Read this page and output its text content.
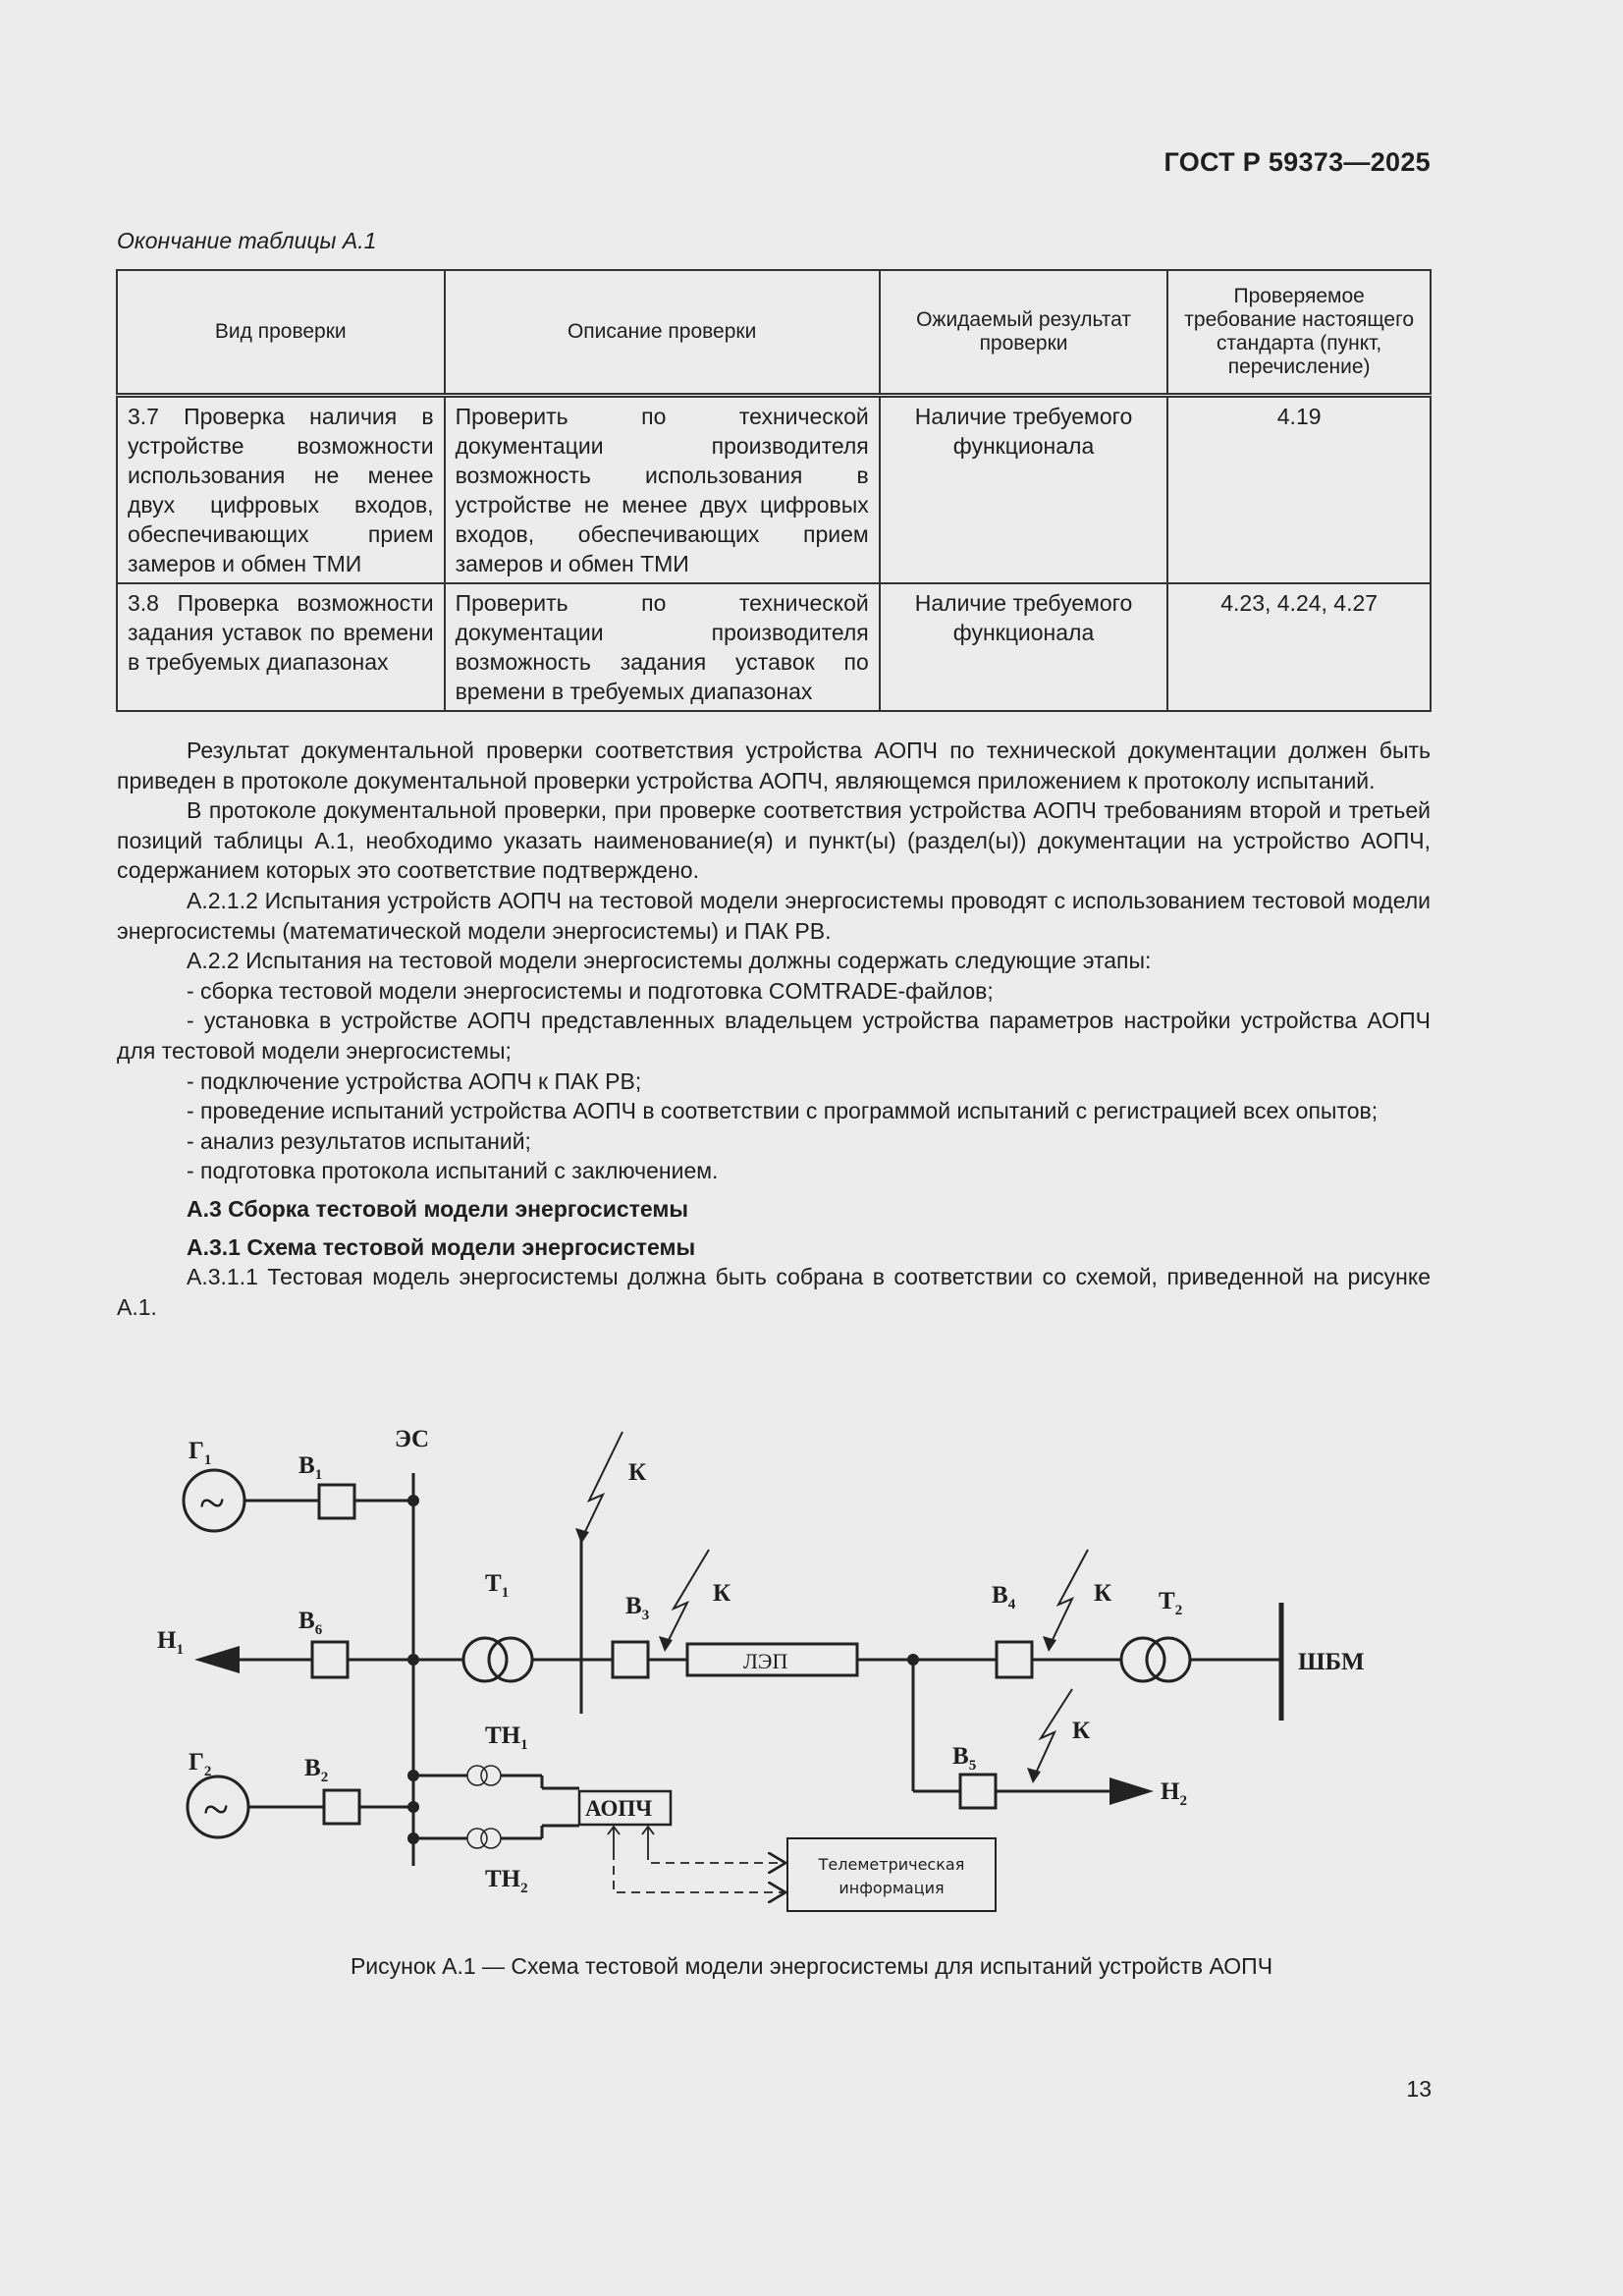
ГОСТ Р 59373—2025
Окончание таблицы А.1
Вид проверки	Описание проверки	Ожидаемый результат проверки	Проверяемое требование настоящего стандарта (пункт, перечисление)
3.7 Проверка наличия в устройстве возможности использования не менее двух цифровых входов, обеспечивающих прием замеров и обмен ТМИ	Проверить по технической документации производителя возможность использования в устройстве не менее двух цифровых входов, обеспечивающих прием замеров и обмен ТМИ	Наличие требуемого функционала	4.19
3.8 Проверка возможности задания уставок по времени в требуемых диапазонах	Проверить по технической документации производителя возможность задания уставок по времени в требуемых диапазонах	Наличие требуемого функционала	4.23, 4.24, 4.27

Результат документальной проверки соответствия устройства АОПЧ по технической документации должен быть приведен в протоколе документальной проверки устройства АОПЧ, являющемся приложением к протоколу испытаний.

В протоколе документальной проверки, при проверке соответствия устройства АОПЧ требованиям второй и третьей позиций таблицы А.1, необходимо указать наименование(я) и пункт(ы) (раздел(ы)) документации на устройство АОПЧ, содержанием которых это соответствие подтверждено.

А.2.1.2 Испытания устройств АОПЧ на тестовой модели энергосистемы проводят с использованием тестовой модели энергосистемы (математической модели энергосистемы) и ПАК РВ.

А.2.2 Испытания на тестовой модели энергосистемы должны содержать следующие этапы:

- сборка тестовой модели энергосистемы и подготовка COMTRADE-файлов;

- установка в устройстве АОПЧ представленных владельцем устройства параметров настройки устройства АОПЧ для тестовой модели энергосистемы;

- подключение устройства АОПЧ к ПАК РВ;

- проведение испытаний устройства АОПЧ в соответствии с программой испытаний с регистрацией всех опытов;

- анализ результатов испытаний;

- подготовка протокола испытаний с заключением.

А.3 Сборка тестовой модели энергосистемы
А.3.1 Схема тестовой модели энергосистемы

А.3.1.1 Тестовая модель энергосистемы должна быть собрана в соответствии со схемой, приведенной на рисунке А.1.

ЭС
$Г_1$
$Г_2$
$В_1$
$В_6$
$В_2$
$В_3$
$В_4$
$В_5$
$Т_1$	$Т_2$
$ТН_1$
$ТН_2$
$Н_1$
$Н_2$
К
К	К
К
ШБМ
ЛЭП
АОПЧ
~
~
Телеметрическая
информация
Рисунок А.1 — Схема тестовой модели энергосистемы для испытаний устройств АОПЧ
13
